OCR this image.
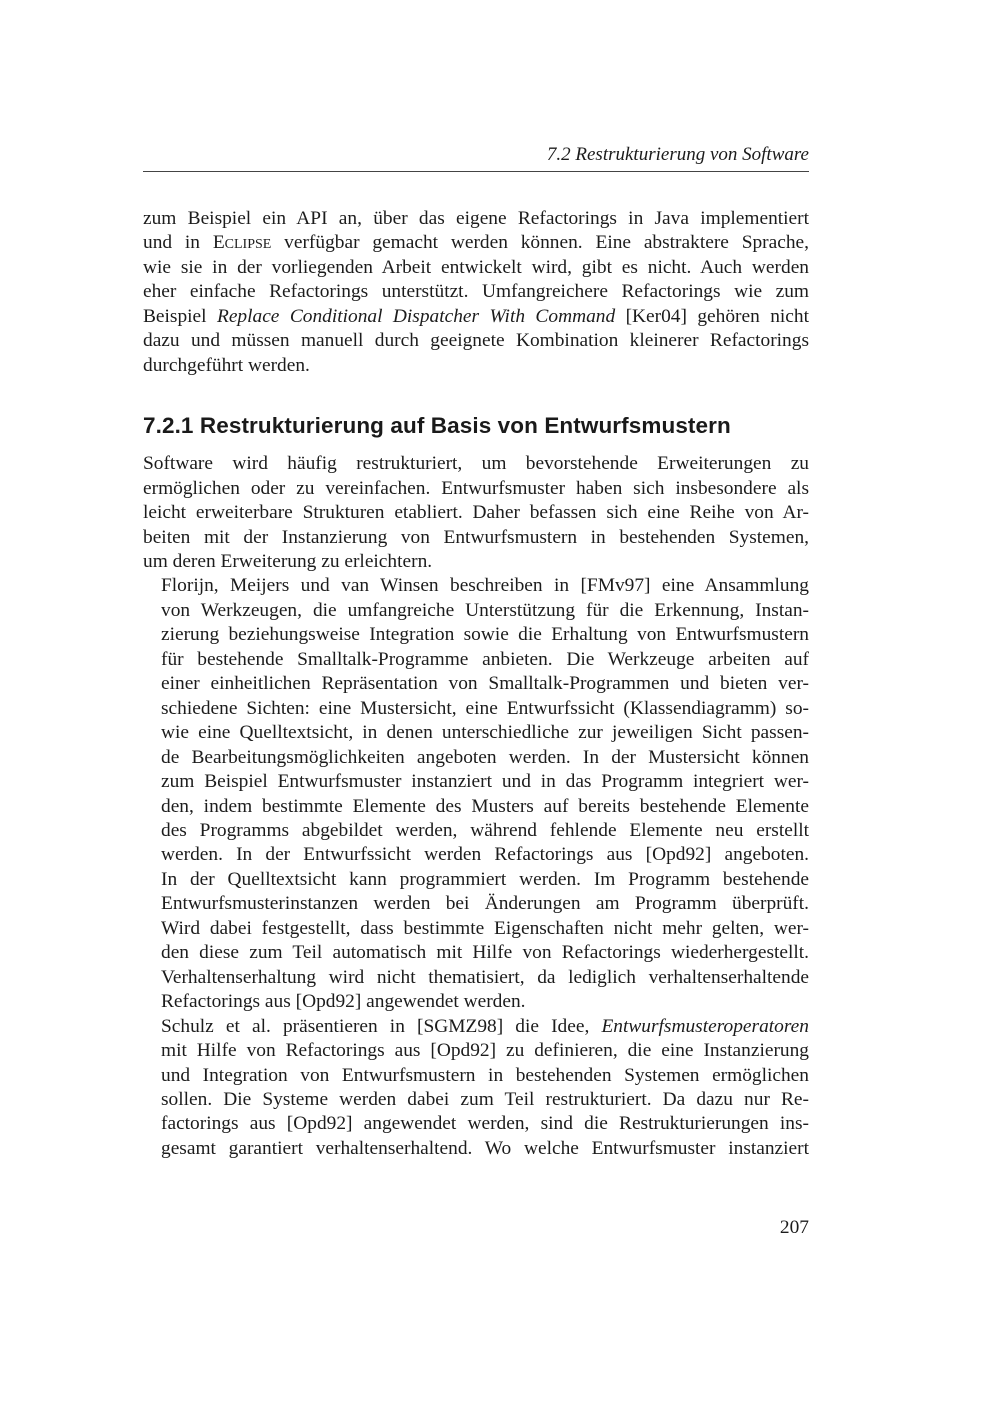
7.2 Restrukturierung von Software

zum Beispiel ein API an, über das eigene Refactorings in Java implementiert
und in Eclipse verfügbar gemacht werden können. Eine abstraktere Sprache,
wie sie in der vorliegenden Arbeit entwickelt wird, gibt es nicht. Auch werden
eher einfache Refactorings unterstützt. Umfangreichere Refactorings wie zum
Beispiel Replace Conditional Dispatcher With Command [Ker04] gehören nicht
dazu und müssen manuell durch geeignete Kombination kleinerer Refactorings
durchgeführt werden.

7.2.1 Restrukturierung auf Basis von Entwurfsmustern

Software wird häufig restrukturiert, um bevorstehende Erweiterungen zu
ermöglichen oder zu vereinfachen. Entwurfsmuster haben sich insbesondere als
leicht erweiterbare Strukturen etabliert. Daher befassen sich eine Reihe von Ar-
beiten mit der Instanzierung von Entwurfsmustern in bestehenden Systemen,
um deren Erweiterung zu erleichtern.

Florijn, Meijers und van Winsen beschreiben in [FMv97] eine Ansammlung
von Werkzeugen, die umfangreiche Unterstützung für die Erkennung, Instan-
zierung beziehungsweise Integration sowie die Erhaltung von Entwurfsmustern
für bestehende Smalltalk-Programme anbieten. Die Werkzeuge arbeiten auf
einer einheitlichen Repräsentation von Smalltalk-Programmen und bieten ver-
schiedene Sichten: eine Mustersicht, eine Entwurfssicht (Klassendiagramm) so-
wie eine Quelltextsicht, in denen unterschiedliche zur jeweiligen Sicht passen-
de Bearbeitungsmöglichkeiten angeboten werden. In der Mustersicht können
zum Beispiel Entwurfsmuster instanziert und in das Programm integriert wer-
den, indem bestimmte Elemente des Musters auf bereits bestehende Elemente
des Programms abgebildet werden, während fehlende Elemente neu erstellt
werden. In der Entwurfssicht werden Refactorings aus [Opd92] angeboten.
In der Quelltextsicht kann programmiert werden. Im Programm bestehende
Entwurfsmusterinstanzen werden bei Änderungen am Programm überprüft.
Wird dabei festgestellt, dass bestimmte Eigenschaften nicht mehr gelten, wer-
den diese zum Teil automatisch mit Hilfe von Refactorings wiederhergestellt.
Verhaltenserhaltung wird nicht thematisiert, da lediglich verhaltenserhaltende
Refactorings aus [Opd92] angewendet werden.

Schulz et al. präsentieren in [SGMZ98] die Idee, Entwurfsmusteroperatoren
mit Hilfe von Refactorings aus [Opd92] zu definieren, die eine Instanzierung
und Integration von Entwurfsmustern in bestehenden Systemen ermöglichen
sollen. Die Systeme werden dabei zum Teil restrukturiert. Da dazu nur Re-
factorings aus [Opd92] angewendet werden, sind die Restrukturierungen ins-
gesamt garantiert verhaltenserhaltend. Wo welche Entwurfsmuster instanziert

207
